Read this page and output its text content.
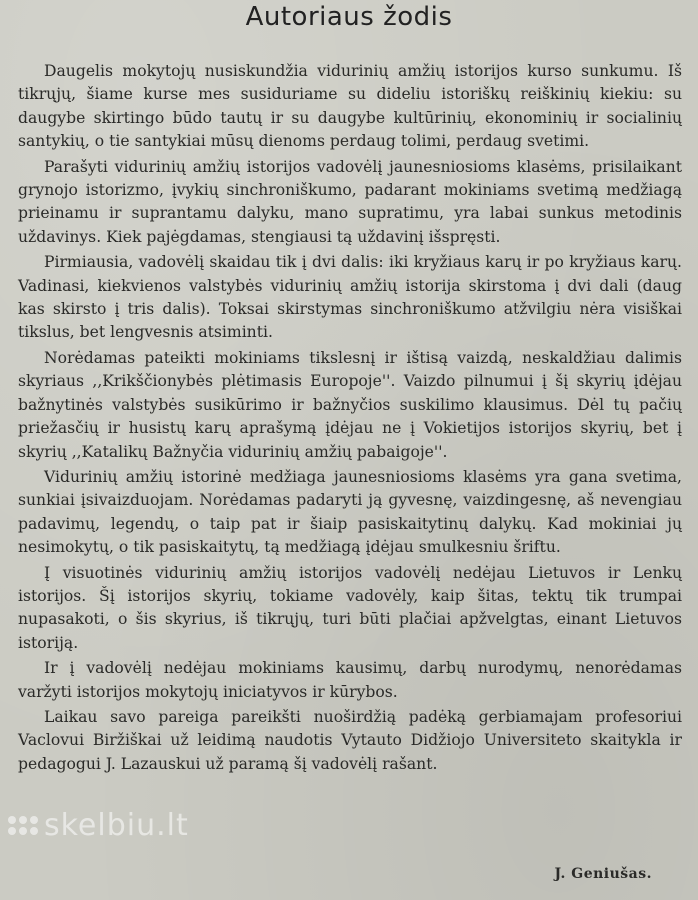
Autoriaus žodis

Daugelis mokytojų nusiskundžia vidurinių amžių istorijos kurso sunkumu. Iš tikrųjų, šiame kurse mes susiduriame su dideliu istoriškų reiškinių kiekiu: su daugybe skirtingo būdo tautų ir su daugybe kultūrinių, ekonominių ir socialinių santykių, o tie santykiai mūsų dienoms perdaug tolimi, perdaug svetimi.

Parašyti vidurinių amžių istorijos vadovėlį jaunesniosioms klasėms, prisilaikant grynojo istorizmo, įvykių sinchroniškumo, padarant mokiniams svetimą medžiagą prieinamu ir suprantamu dalyku, mano supratimu, yra labai sunkus metodinis uždavinys. Kiek pajėgdamas, stengiausi tą uždavinį išspręsti.

Pirmiausia, vadovėlį skaidau tik į dvi dalis: iki kryžiaus karų ir po kryžiaus karų. Vadinasi, kiekvienos valstybės vidurinių amžių istorija skirstoma į dvi dali (daug kas skirsto į tris dalis). Toksai skirstymas sinchroniškumo atžvilgiu nėra visiškai tikslus, bet lengvesnis atsiminti.

Norėdamas pateikti mokiniams tikslesnį ir ištisą vaizdą, neskaldžiau dalimis skyriaus ,,Krikščionybės plėtimasis Europoje''. Vaizdo pilnumui į šį skyrių įdėjau bažnytinės valstybės susikūrimo ir bažnyčios suskilimo klausimus. Dėl tų pačių priežasčių ir husistų karų aprašymą įdėjau ne į Vokietijos istorijos skyrių, bet į skyrių ,,Katalikų Bažnyčia vidurinių amžių pabaigoje''.

Vidurinių amžių istorinė medžiaga jaunesniosioms klasėms yra gana svetima, sunkiai įsivaizduojam. Norėdamas padaryti ją gyvesnę, vaizdingesnę, aš nevengiau padavimų, legendų, o taip pat ir šiaip pasiskaitytinų dalykų. Kad mokiniai jų nesimokytų, o tik pasiskaitytų, tą medžiagą įdėjau smulkesniu šriftu.

Į visuotinės vidurinių amžių istorijos vadovėlį nedėjau Lietuvos ir Lenkų istorijos. Šį istorijos skyrių, tokiame vadovėly, kaip šitas, tektų tik trumpai nupasakoti, o šis skyrius, iš tikrųjų, turi būti plačiai apžvelgtas, einant Lietuvos istoriją.

Ir į vadovėlį nedėjau mokiniams kausimų, darbų nurodymų, nenorėdamas varžyti istorijos mokytojų iniciatyvos ir kūrybos.

Laikau savo pareiga pareikšti nuoširdžią padėką gerbiamajam profesoriui Vaclovui Biržiškai už leidimą naudotis Vytauto Didžiojo Universiteto skaitykla ir pedagogui J. Lazauskui už paramą šį vadovėlį rašant.

J. Geniušas.
skelbiu.lt
